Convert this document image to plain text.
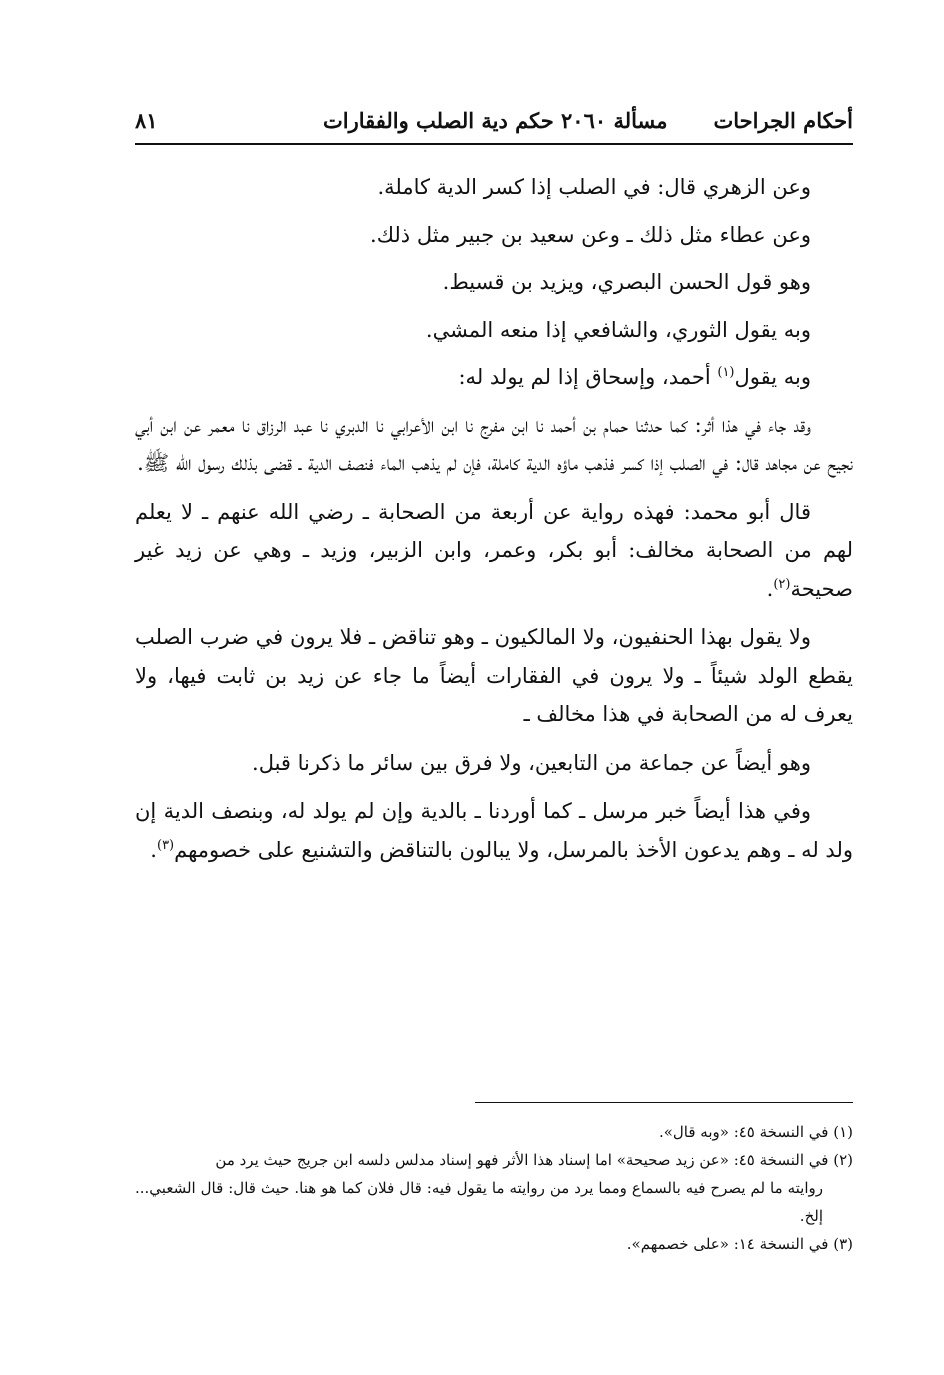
أحكام الجراحات
مسألة ٢٠٦٠ حكم دية الصلب والفقارات
٨١

وعن الزهري قال: في الصلب إذا كسر الدية كاملة.

وعن عطاء مثل ذلك ـ وعن سعيد بن جبير مثل ذلك.

وهو قول الحسن البصري، ويزيد بن قسيط.

وبه يقول الثوري، والشافعي إذا منعه المشي.

وبه يقول$^{(١)}$ أحمد، وإسحاق إذا لم يولد له:

وقد جاء في هذا أثر: كما حدثنا حمام بن أحمد نا ابن مفرج نا ابن الأعرابي نا الدبري نا عبد الرزاق نا معمر عن ابن أبي نجيح عن مجاهد قال: في الصلب إذا كسر فذهب ماؤه الدية كاملة، فإن لم يذهب الماء فنصف الدية ـ قضى بذلك رسول الله ﷺ.

قال أبو محمد: فهذه رواية عن أربعة من الصحابة ـ رضي الله عنهم ـ لا يعلم لهم من الصحابة مخالف: أبو بكر، وعمر، وابن الزبير، وزيد ـ وهي عن زيد غير صحيحة$^{(٢)}$.

ولا يقول بهذا الحنفيون، ولا المالكيون ـ وهو تناقض ـ فلا يرون في ضرب الصلب يقطع الولد شيئاً ـ ولا يرون في الفقارات أيضاً ما جاء عن زيد بن ثابت فيها، ولا يعرف له من الصحابة في هذا مخالف ـ

وهو أيضاً عن جماعة من التابعين، ولا فرق بين سائر ما ذكرنا قبل.

وفي هذا أيضاً خبر مرسل ـ كما أوردنا ـ بالدية وإن لم يولد له، وبنصف الدية إن ولد له ـ وهم يدعون الأخذ بالمرسل، ولا يبالون بالتناقض والتشنيع على خصومهم$^{(٣)}$.

(١) في النسخة ٤٥: «وبه قال».

(٢) في النسخة ٤٥: «عن زيد صحيحة» اما إسناد هذا الأثر فهو إسناد مدلس دلسه ابن جريج حيث يرد من

روايته ما لم يصرح فيه بالسماع ومما يرد من روايته ما يقول فيه: قال فلان كما هو هنا. حيث قال: قال الشعبي... إلخ.

(٣) في النسخة ١٤: «على خصمهم».
